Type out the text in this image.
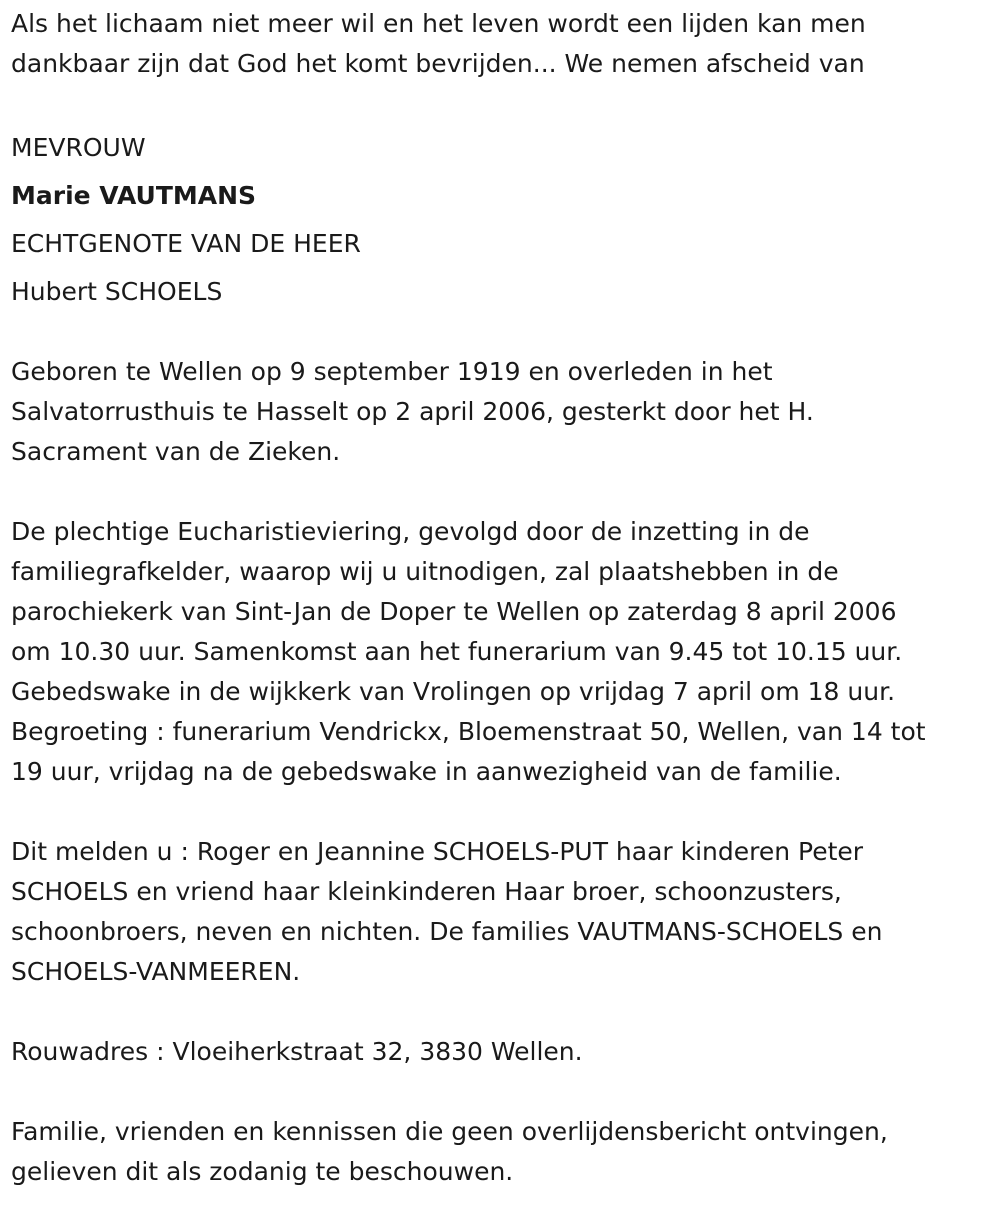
Als het lichaam niet meer wil en het leven wordt een lijden kan men
dankbaar zijn dat God het komt bevrijden... We nemen afscheid van

MEVROUW

Marie VAUTMANS

ECHTGENOTE VAN DE HEER

Hubert SCHOELS

Geboren te Wellen op 9 september 1919 en overleden in het
Salvatorrusthuis te Hasselt op 2 april 2006, gesterkt door het H.
Sacrament van de Zieken.

De plechtige Eucharistieviering, gevolgd door de inzetting in de
familiegrafkelder, waarop wij u uitnodigen, zal plaatshebben in de
parochiekerk van Sint-Jan de Doper te Wellen op zaterdag 8 april 2006
om 10.30 uur. Samenkomst aan het funerarium van 9.45 tot 10.15 uur.
Gebedswake in de wijkkerk van Vrolingen op vrijdag 7 april om 18 uur.
Begroeting : funerarium Vendrickx, Bloemenstraat 50, Wellen, van 14 tot
19 uur, vrijdag na de gebedswake in aanwezigheid van de familie.

Dit melden u : Roger en Jeannine SCHOELS-PUT haar kinderen Peter
SCHOELS en vriend haar kleinkinderen Haar broer, schoonzusters,
schoonbroers, neven en nichten. De families VAUTMANS-SCHOELS en
SCHOELS-VANMEEREN.

Rouwadres : Vloeiherkstraat 32, 3830 Wellen.

Familie, vrienden en kennissen die geen overlijdensbericht ontvingen,
gelieven dit als zodanig te beschouwen.
